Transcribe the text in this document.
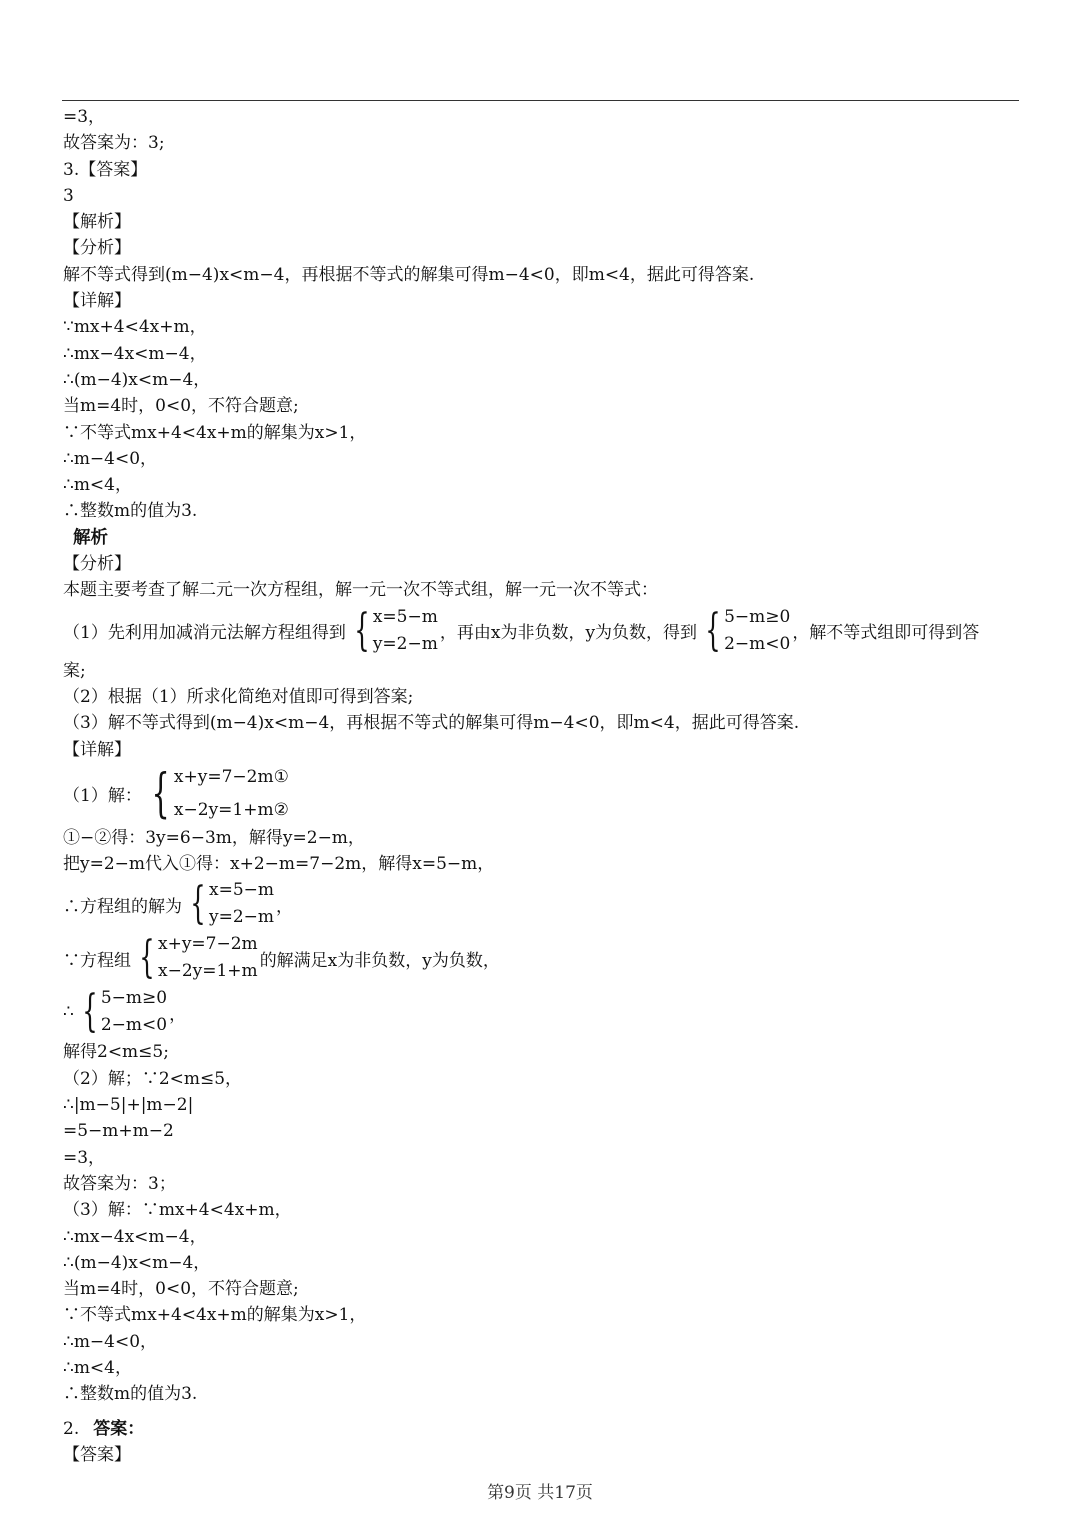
=3，
故答案为：3;
3.【答案】
3
【解析】
【分析】
解不等式得到(m−4)x<m−4，再根据不等式的解集可得m−4<0，即m<4，据此可得答案.
【详解】
∵mx+4<4x+m，
∴mx−4x<m−4，
∴(m−4)x<m−4，
当m=4时，0<0，不符合题意;
∵不等式mx+4<4x+m的解集为x>1，
∴m−4<0，
∴m<4，
∴整数m的值为3.
解析
【分析】
本题主要考查了解二元一次方程组，解一元一次不等式组，解一元一次不等式：
（1）先利用加减消元法解方程组得到 { x=5−m
y=2−m
，再由x为非负数，y为负数，得到 { 5−m≥0
2−m<0
，解不等式组即可得到答
案;
（2）根据（1）所求化简绝对值即可得到答案;
（3）解不等式得到(m−4)x<m−4，再根据不等式的解集可得m−4<0，即m<4，据此可得答案.
【详解】
（1）解： { x+y=7−2m①
x−2y=1+m②
①−②得：3y=6−3m，解得y=2−m，
把y=2−m代入①得：x+2−m=7−2m，解得x=5−m，
∴方程组的解为 { x=5−m
y=2−m
，
∵方程组 { x+y=7−2m
x−2y=1+m
的解满足x为非负数，y为负数，
∴ { 5−m≥0
2−m<0
，
解得2<m≤5;
（2）解；∵2<m≤5，
∴|m−5|+|m−2|
=5−m+m−2
=3，
故答案为：3；
（3）解：∵mx+4<4x+m，
∴mx−4x<m−4，
∴(m−4)x<m−4，
当m=4时，0<0，不符合题意;
∵不等式mx+4<4x+m的解集为x>1，
∴m−4<0，
∴m<4，
∴整数m的值为3.
2. 答案：
【答案】
第9页 共17页
